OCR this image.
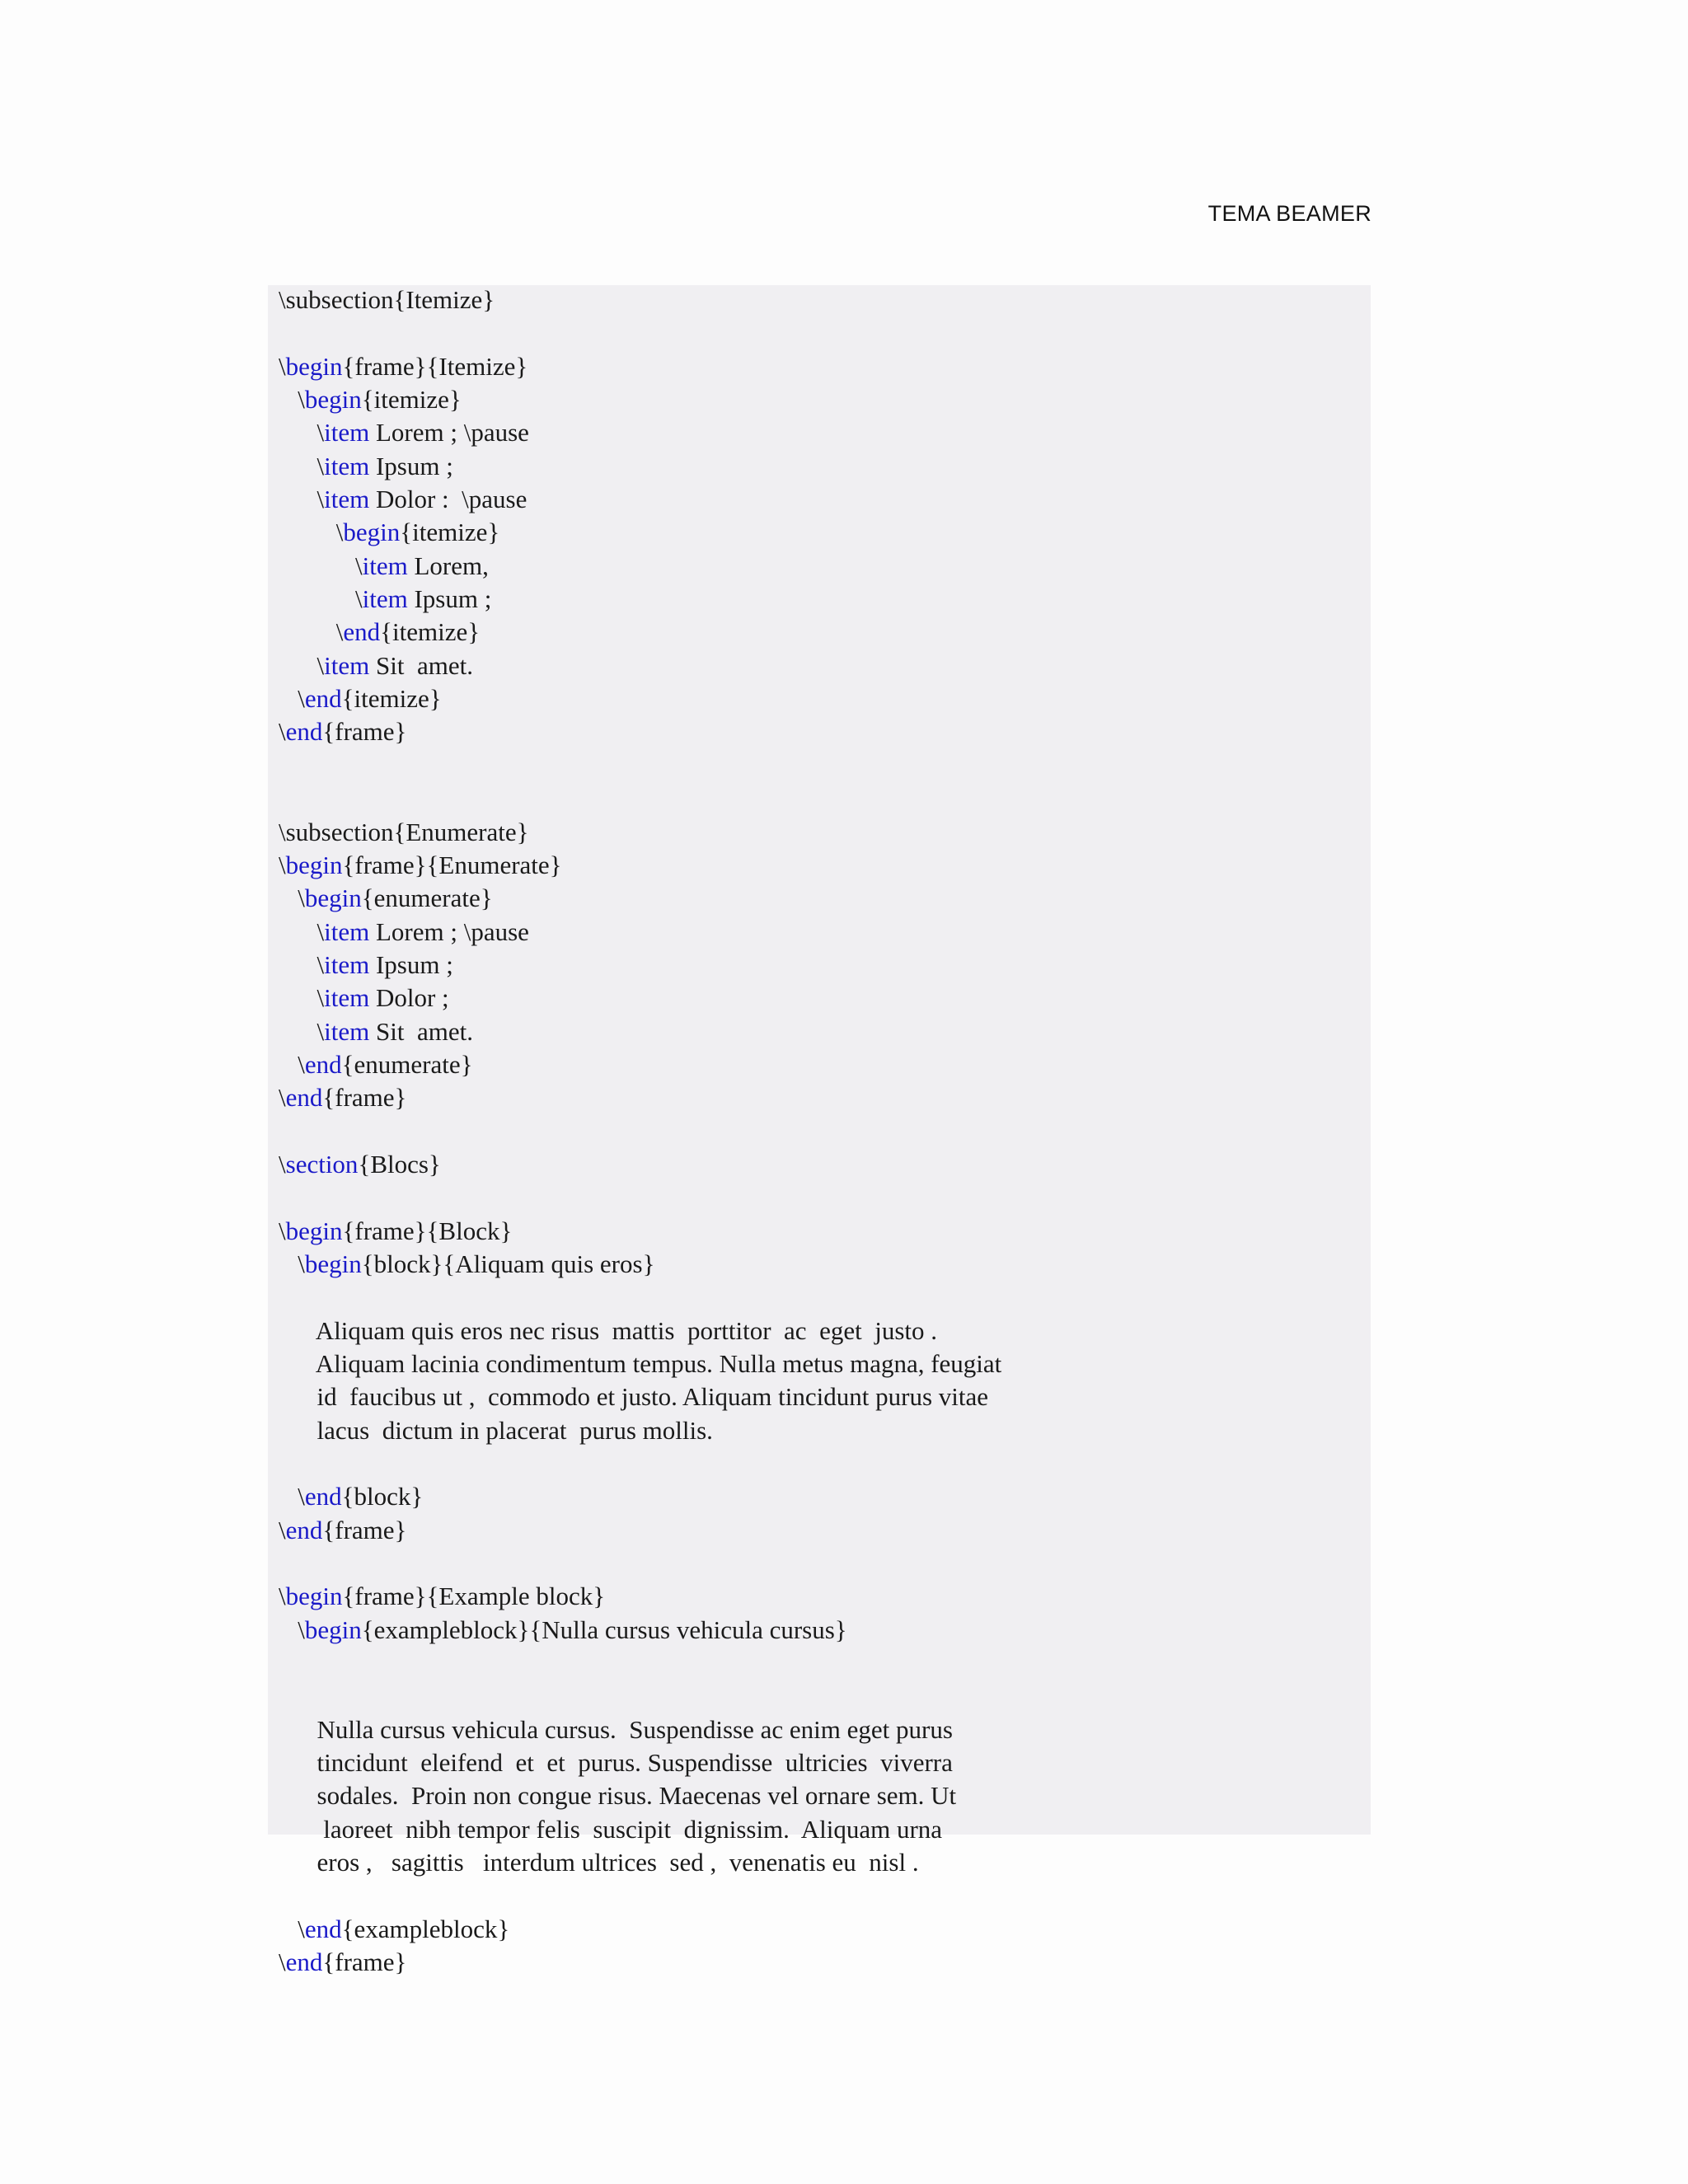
TEMA BEAMER
\subsection{Itemize}

\begin{frame}{Itemize}
\begin{itemize}
\item Lorem ; \pause
\item Ipsum ;
\item Dolor :  \pause
\begin{itemize}
\item Lorem,
\item Ipsum ;
\end{itemize}
\item Sit  amet.
\end{itemize}
\end{frame}

\subsection{Enumerate}
\begin{frame}{Enumerate}
\begin{enumerate}
\item Lorem ; \pause
\item Ipsum ;
\item Dolor ;
\item Sit  amet.
\end{enumerate}
\end{frame}

\section{Blocs}

\begin{frame}{Block}
\begin{block}{Aliquam quis eros}

Aliquam quis eros nec risus  mattis  porttitor  ac  eget  justo .
Aliquam lacinia condimentum tempus. Nulla metus magna, feugiat
id  faucibus ut ,  commodo et justo. Aliquam tincidunt purus vitae
lacus  dictum in placerat  purus mollis.

\end{block}
\end{frame}

\begin{frame}{Example block}
\begin{exampleblock}{Nulla cursus vehicula cursus}

Nulla cursus vehicula cursus.  Suspendisse ac enim eget purus
tincidunt  eleifend  et  et  purus. Suspendisse  ultricies  viverra
sodales.  Proin non congue risus. Maecenas vel ornare sem. Ut
laoreet  nibh tempor felis  suscipit  dignissim.  Aliquam urna
eros ,   sagittis   interdum ultrices  sed ,  venenatis eu  nisl .

\end{exampleblock}
\end{frame}
